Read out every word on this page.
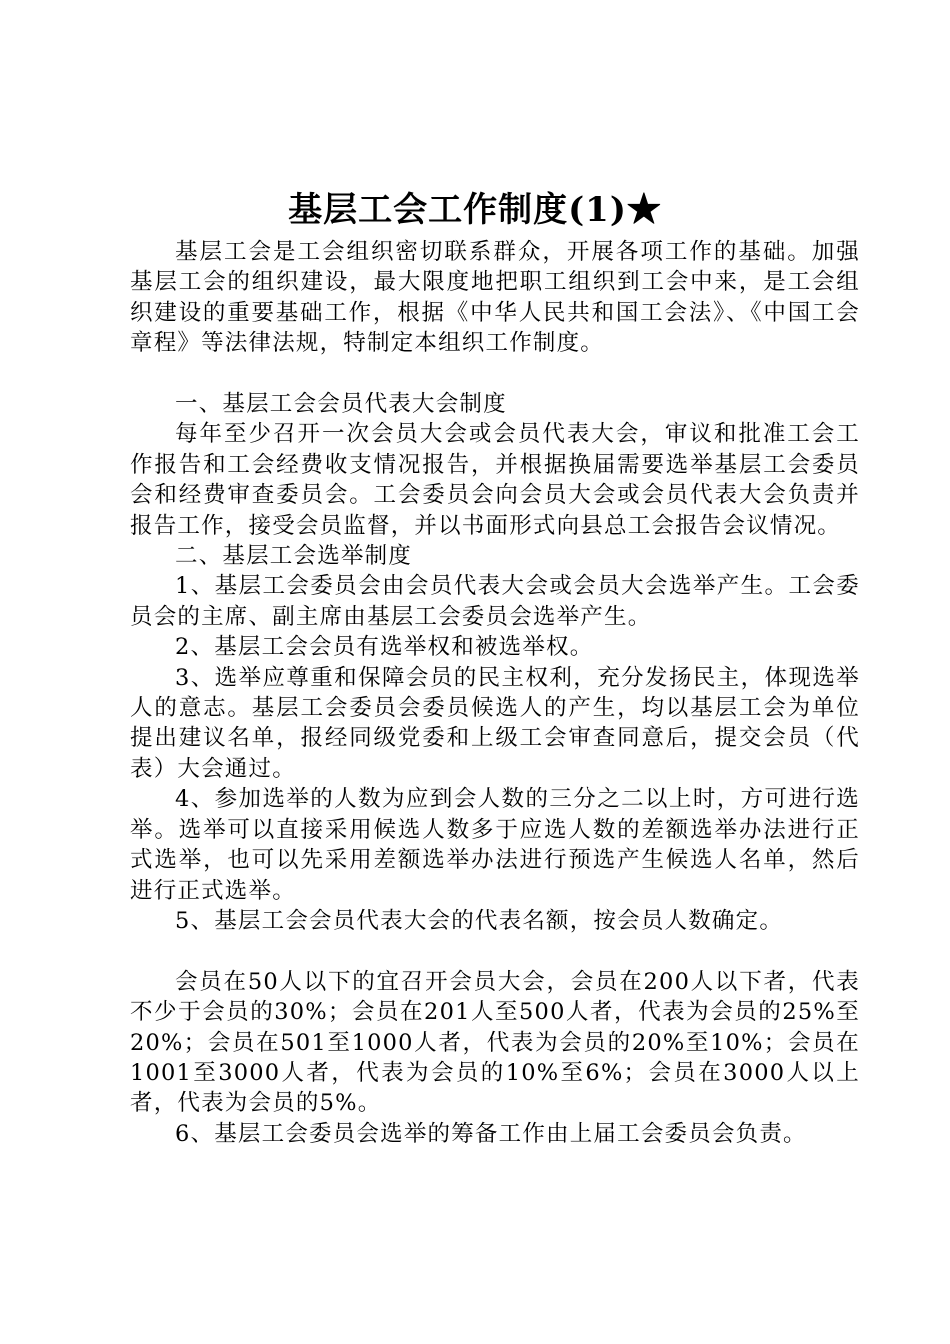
基层工会工作制度(1)★

基层工会是工会组织密切联系群众，开展各项工作的基础。加强基层工会的组织建设，最大限度地把职工组织到工会中来，是工会组织建设的重要基础工作，根据《中华人民共和国工会法》、《中国工会章程》等法律法规，特制定本组织工作制度。

一、基层工会会员代表大会制度

每年至少召开一次会员大会或会员代表大会，审议和批准工会工作报告和工会经费收支情况报告，并根据换届需要选举基层工会委员会和经费审查委员会。工会委员会向会员大会或会员代表大会负责并报告工作，接受会员监督，并以书面形式向县总工会报告会议情况。

二、基层工会选举制度

1、基层工会委员会由会员代表大会或会员大会选举产生。工会委员会的主席、副主席由基层工会委员会选举产生。

2、基层工会会员有选举权和被选举权。

3、选举应尊重和保障会员的民主权利，充分发扬民主，体现选举人的意志。基层工会委员会委员候选人的产生，均以基层工会为单位提出建议名单，报经同级党委和上级工会审查同意后，提交会员（代表）大会通过。

4、参加选举的人数为应到会人数的三分之二以上时，方可进行选举。选举可以直接采用候选人数多于应选人数的差额选举办法进行正式选举，也可以先采用差额选举办法进行预选产生候选人名单，然后进行正式选举。

5、基层工会会员代表大会的代表名额，按会员人数确定。

会员在50人以下的宜召开会员大会，会员在200人以下者，代表不少于会员的30%；会员在201人至500人者，代表为会员的25%至20%；会员在501至1000人者，代表为会员的20%至10%；会员在1001至3000人者，代表为会员的10%至6%；会员在3000人以上者，代表为会员的5%。

6、基层工会委员会选举的筹备工作由上届工会委员会负责。
